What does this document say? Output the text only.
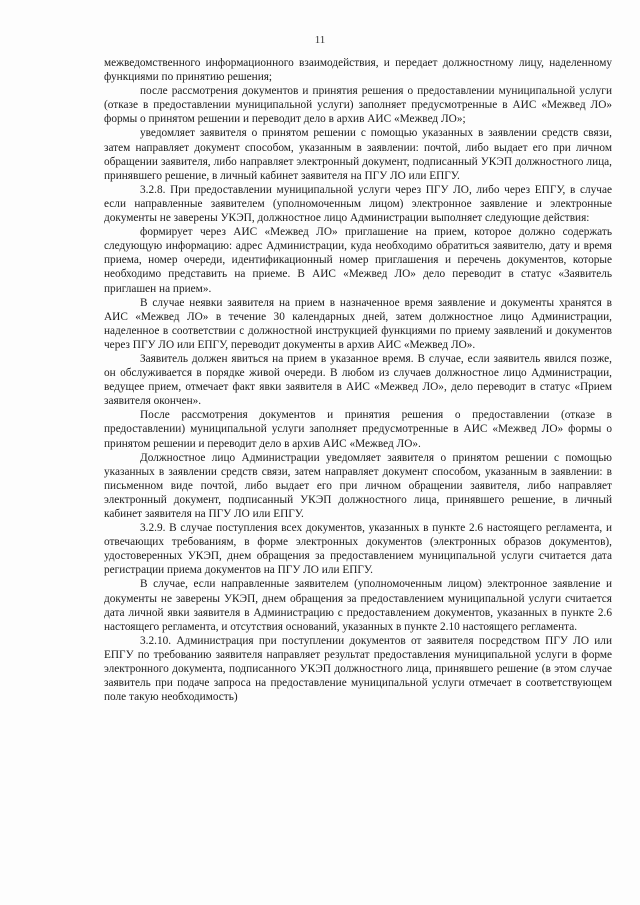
11

межведомственного информационного взаимодействия, и передает должностному лицу, наделенному функциями по принятию решения;

после рассмотрения документов и принятия решения о предоставлении муниципальной услуги (отказе в предоставлении муниципальной услуги) заполняет предусмотренные в АИС «Межвед ЛО» формы о принятом решении и переводит дело в архив АИС «Межвед ЛО»;

уведомляет заявителя о принятом решении с помощью указанных в заявлении средств связи, затем направляет документ способом, указанным в заявлении: почтой, либо выдает его при личном обращении заявителя, либо направляет электронный документ, подписанный УКЭП должностного лица, принявшего решение, в личный кабинет заявителя на ПГУ ЛО или ЕПГУ.

3.2.8. При предоставлении муниципальной услуги через ПГУ ЛО, либо через ЕПГУ, в случае если направленные заявителем (уполномоченным лицом) электронное заявление и электронные документы не заверены УКЭП, должностное лицо Администрации выполняет следующие действия:

формирует через АИС «Межвед ЛО» приглашение на прием, которое должно содержать следующую информацию: адрес Администрации, куда необходимо обратиться заявителю, дату и время приема, номер очереди, идентификационный номер приглашения и перечень документов, которые необходимо представить на приеме. В АИС «Межвед ЛО» дело переводит в статус «Заявитель приглашен на прием».

В случае неявки заявителя на прием в назначенное время заявление и документы хранятся в АИС «Межвед ЛО» в течение 30 календарных дней, затем должностное лицо Администрации, наделенное в соответствии с должностной инструкцией функциями по приему заявлений и документов через ПГУ ЛО или ЕПГУ, переводит документы в архив АИС «Межвед ЛО».

Заявитель должен явиться на прием в указанное время. В случае, если заявитель явился позже, он обслуживается в порядке живой очереди. В любом из случаев должностное лицо Администрации, ведущее прием, отмечает факт явки заявителя в АИС «Межвед ЛО», дело переводит в статус «Прием заявителя окончен».

После рассмотрения документов и принятия решения о предоставлении (отказе в предоставлении) муниципальной услуги заполняет предусмотренные в АИС «Межвед ЛО» формы о принятом решении и переводит дело в архив АИС «Межвед ЛО».

Должностное лицо Администрации уведомляет заявителя о принятом решении с помощью указанных в заявлении средств связи, затем направляет документ способом, указанным в заявлении: в письменном виде почтой, либо выдает его при личном обращении заявителя, либо направляет электронный документ, подписанный УКЭП должностного лица, принявшего решение, в личный кабинет заявителя на ПГУ ЛО или ЕПГУ.

3.2.9. В случае поступления всех документов, указанных в пункте 2.6 настоящего регламента, и отвечающих требованиям, в форме электронных документов (электронных образов документов), удостоверенных УКЭП, днем обращения за предоставлением муниципальной услуги считается дата регистрации приема документов на ПГУ ЛО или ЕПГУ.

В случае, если направленные заявителем (уполномоченным лицом) электронное заявление и документы не заверены УКЭП, днем обращения за предоставлением муниципальной услуги считается дата личной явки заявителя в Администрацию с предоставлением документов, указанных в пункте 2.6 настоящего регламента, и отсутствия оснований, указанных в пункте 2.10 настоящего регламента.

3.2.10. Администрация при поступлении документов от заявителя посредством ПГУ ЛО или ЕПГУ по требованию заявителя направляет результат предоставления муниципальной услуги в форме электронного документа, подписанного УКЭП должностного лица, принявшего решение (в этом случае заявитель при подаче запроса на предоставление муниципальной услуги отмечает в соответствующем поле такую необходимость)
